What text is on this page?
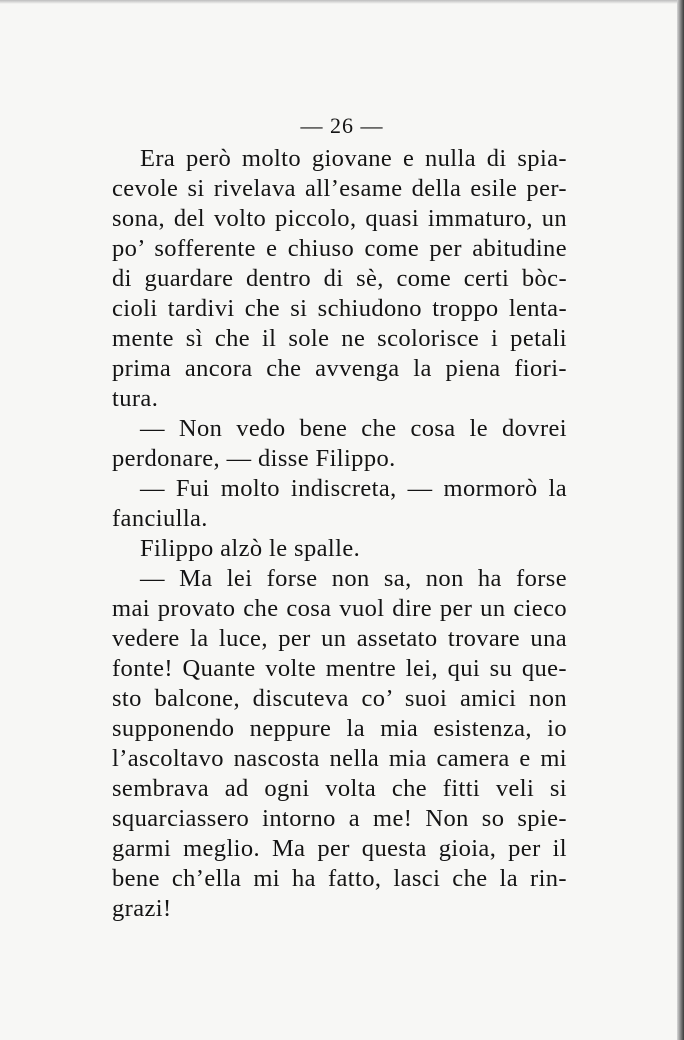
— 26 —
Era però molto giovane e nulla di spia-
cevole si rivelava all’esame della esile per-
sona, del volto piccolo, quasi immaturo, un
po’ sofferente e chiuso come per abitudine
di guardare dentro di sè, come certi bòc-
cioli tardivi che si schiudono troppo lenta-
mente sì che il sole ne scolorisce i petali
prima ancora che avvenga la piena fiori-
tura.
— Non vedo bene che cosa le dovrei
perdonare, — disse Filippo.
— Fui molto indiscreta, — mormorò la
fanciulla.
Filippo alzò le spalle.
— Ma lei forse non sa, non ha forse
mai provato che cosa vuol dire per un cieco
vedere la luce, per un assetato trovare una
fonte! Quante volte mentre lei, qui su que-
sto balcone, discuteva co’ suoi amici non
supponendo neppure la mia esistenza, io
l’ascoltavo nascosta nella mia camera e mi
sembrava ad ogni volta che fitti veli si
squarciassero intorno a me! Non so spie-
garmi meglio. Ma per questa gioia, per il
bene ch’ella mi ha fatto, lasci che la rin-
grazi!
